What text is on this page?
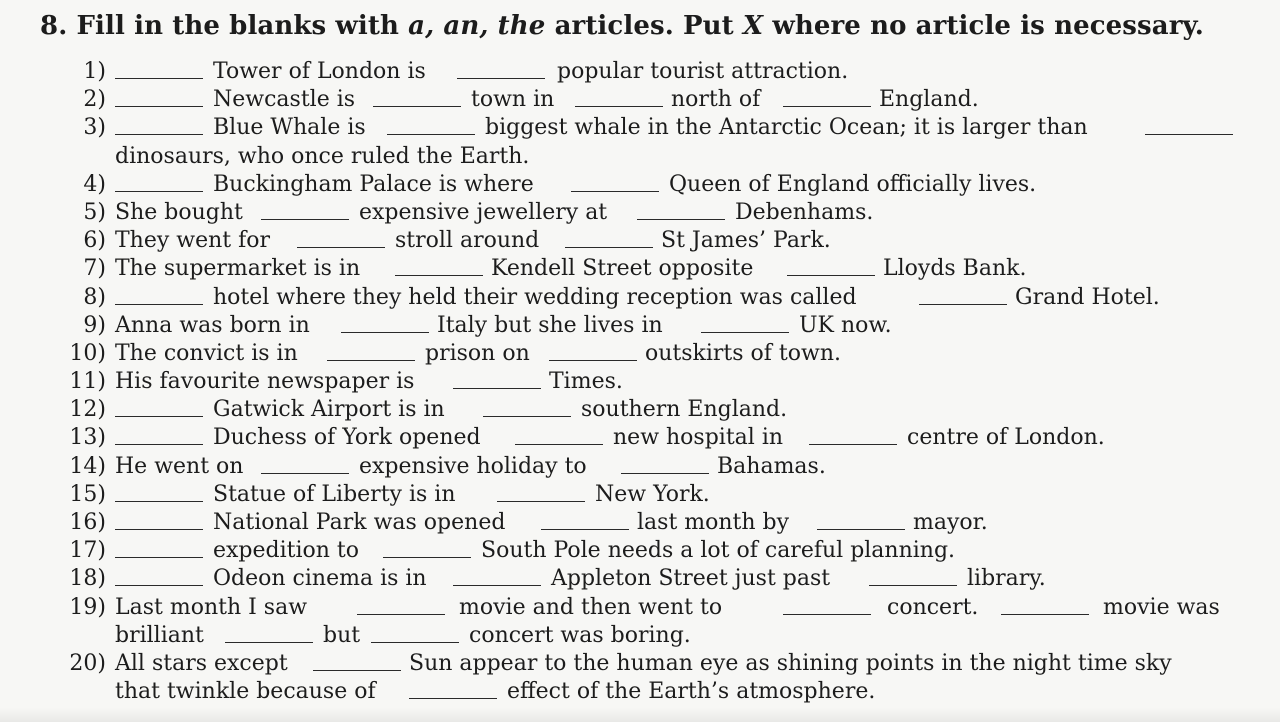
8. Fill in the blanks with a, an, the articles. Put X where no article is necessary.
1)	Tower of London is	popular tourist attraction.
2)	Newcastle is	town in	north of	England.
3)	Blue Whale is	biggest whale in the Antarctic Ocean; it is larger than
dinosaurs, who once ruled the Earth.
4)	Buckingham Palace is where	Queen of England officially lives.
5) She bought	expensive jewellery at	Debenhams.
6) They went for	stroll around	St James’ Park.
7) The supermarket is in	Kendell Street opposite	Lloyds Bank.
8)	hotel where they held their wedding reception was called	Grand Hotel.
9) Anna was born in	Italy but she lives in	UK now.
10) The convict is in	prison on	outskirts of town.
11) His favourite newspaper is	Times.
12)	Gatwick Airport is in	southern England.
13)	Duchess of York opened	new hospital in	centre of London.
14) He went on	expensive holiday to	Bahamas.
15)	Statue of Liberty is in	New York.
16)	National Park was opened	last month by	mayor.
17)	expedition to	South Pole needs a lot of careful planning.
18)	Odeon cinema is in	Appleton Street just past	library.
19) Last month I saw	movie and then went to	concert.	movie was
brilliant	but	concert was boring.
20) All stars except	Sun appear to the human eye as shining points in the night time sky
that twinkle because of	effect of the Earth’s atmosphere.
